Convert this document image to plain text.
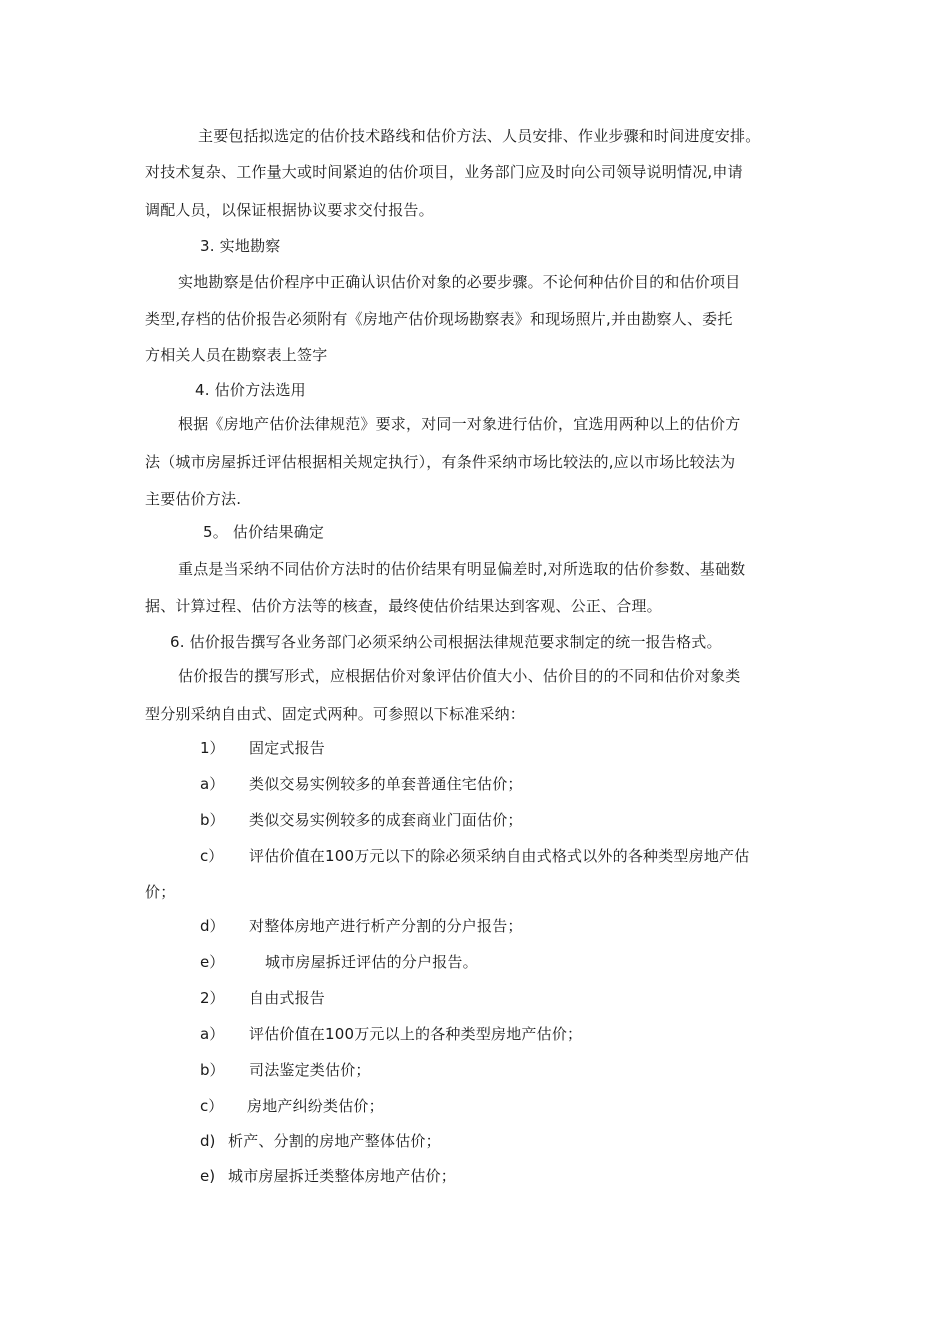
主要包括拟选定的估价技术路线和估价方法、人员安排、作业步骤和时间进度安排。
对技术复杂、工作量大或时间紧迫的估价项目，业务部门应及时向公司领导说明情况,申请
调配人员，以保证根据协议要求交付报告。
3. 实地勘察
实地勘察是估价程序中正确认识估价对象的必要步骤。不论何种估价目的和估价项目
类型,存档的估价报告必须附有《房地产估价现场勘察表》和现场照片,并由勘察人、委托
方相关人员在勘察表上签字
4. 估价方法选用
根据《房地产估价法律规范》要求，对同一对象进行估价，宜选用两种以上的估价方
法（城市房屋拆迁评估根据相关规定执行），有条件采纳市场比较法的,应以市场比较法为
主要估价方法.
5。 估价结果确定
重点是当采纳不同估价方法时的估价结果有明显偏差时,对所选取的估价参数、基础数
据、计算过程、估价方法等的核查，最终使估价结果达到客观、公正、合理。
6. 估价报告撰写各业务部门必须采纳公司根据法律规范要求制定的统一报告格式。
估价报告的撰写形式，应根据估价对象评估价值大小、估价目的的不同和估价对象类
型分别采纳自由式、固定式两种。可参照以下标准采纳：
1） 固定式报告
a） 类似交易实例较多的单套普通住宅估价；
b） 类似交易实例较多的成套商业门面估价；
c） 评估价值在100万元以下的除必须采纳自由式格式以外的各种类型房地产估
价；
d） 对整体房地产进行析产分割的分户报告；
e）	城市房屋拆迁评估的分户报告。
2） 自由式报告
a） 评估价值在100万元以上的各种类型房地产估价；
b） 司法鉴定类估价；
c） 房地产纠纷类估价；
d) 析产、分割的房地产整体估价；
e) 城市房屋拆迁类整体房地产估价；
